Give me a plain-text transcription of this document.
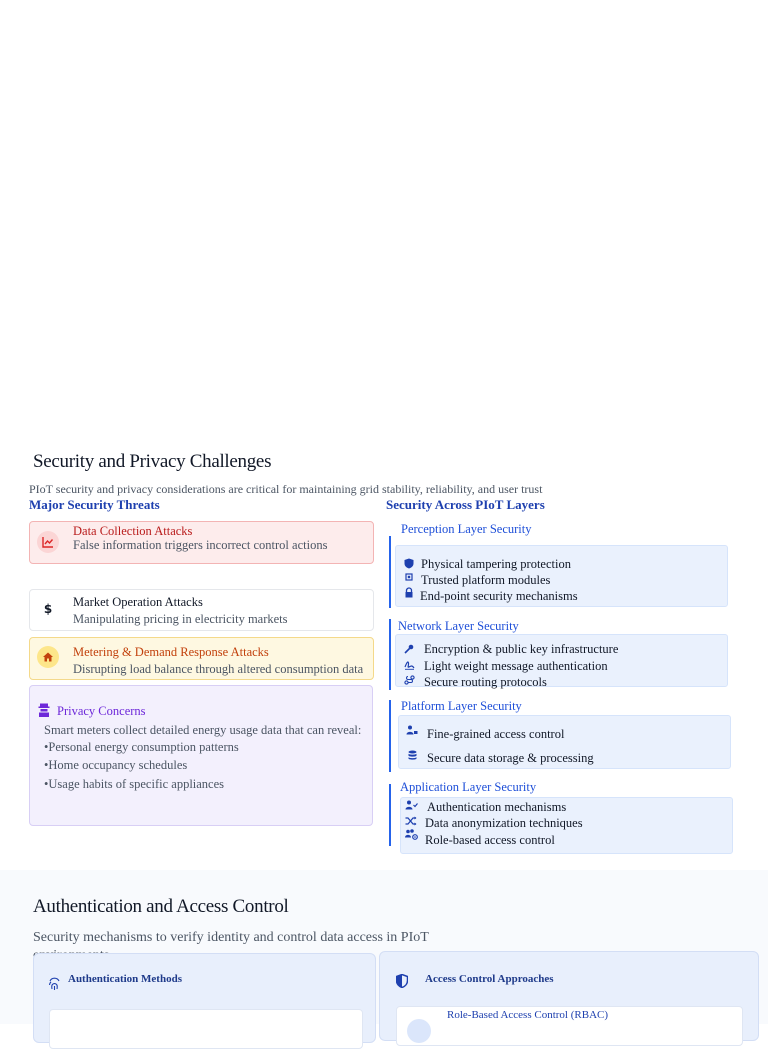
Security and Privacy Challenges
PIoT security and privacy considerations are critical for maintaining grid stability, reliability, and user trust
Major Security Threats	Security Across PIoT Layers
Data Collection Attacks
False information triggers incorrect control actions
$	Market Operation Attacks
Manipulating pricing in electricity markets
Metering & Demand Response Attacks
Disrupting load balance through altered consumption data
Privacy Concerns
Smart meters collect detailed energy usage data that can reveal:
•Personal energy consumption patterns
•Home occupancy schedules
•Usage habits of specific appliances
Perception Layer Security
Physical tampering protection
Trusted platform modules
End-point security mechanisms
Network Layer Security
Encryption & public key infrastructure
Light weight message authentication
Secure routing protocols
Platform Layer Security
Fine-grained access control
Secure data storage & processing
Application Layer Security
Authentication mechanisms
Data anonymization techniques
Role-based access control
Authentication and Access Control
Security mechanisms to verify identity and control data access in PIoT
Authentication Methods	Access Control Approaches
Role-Based Access Control (RBAC)
